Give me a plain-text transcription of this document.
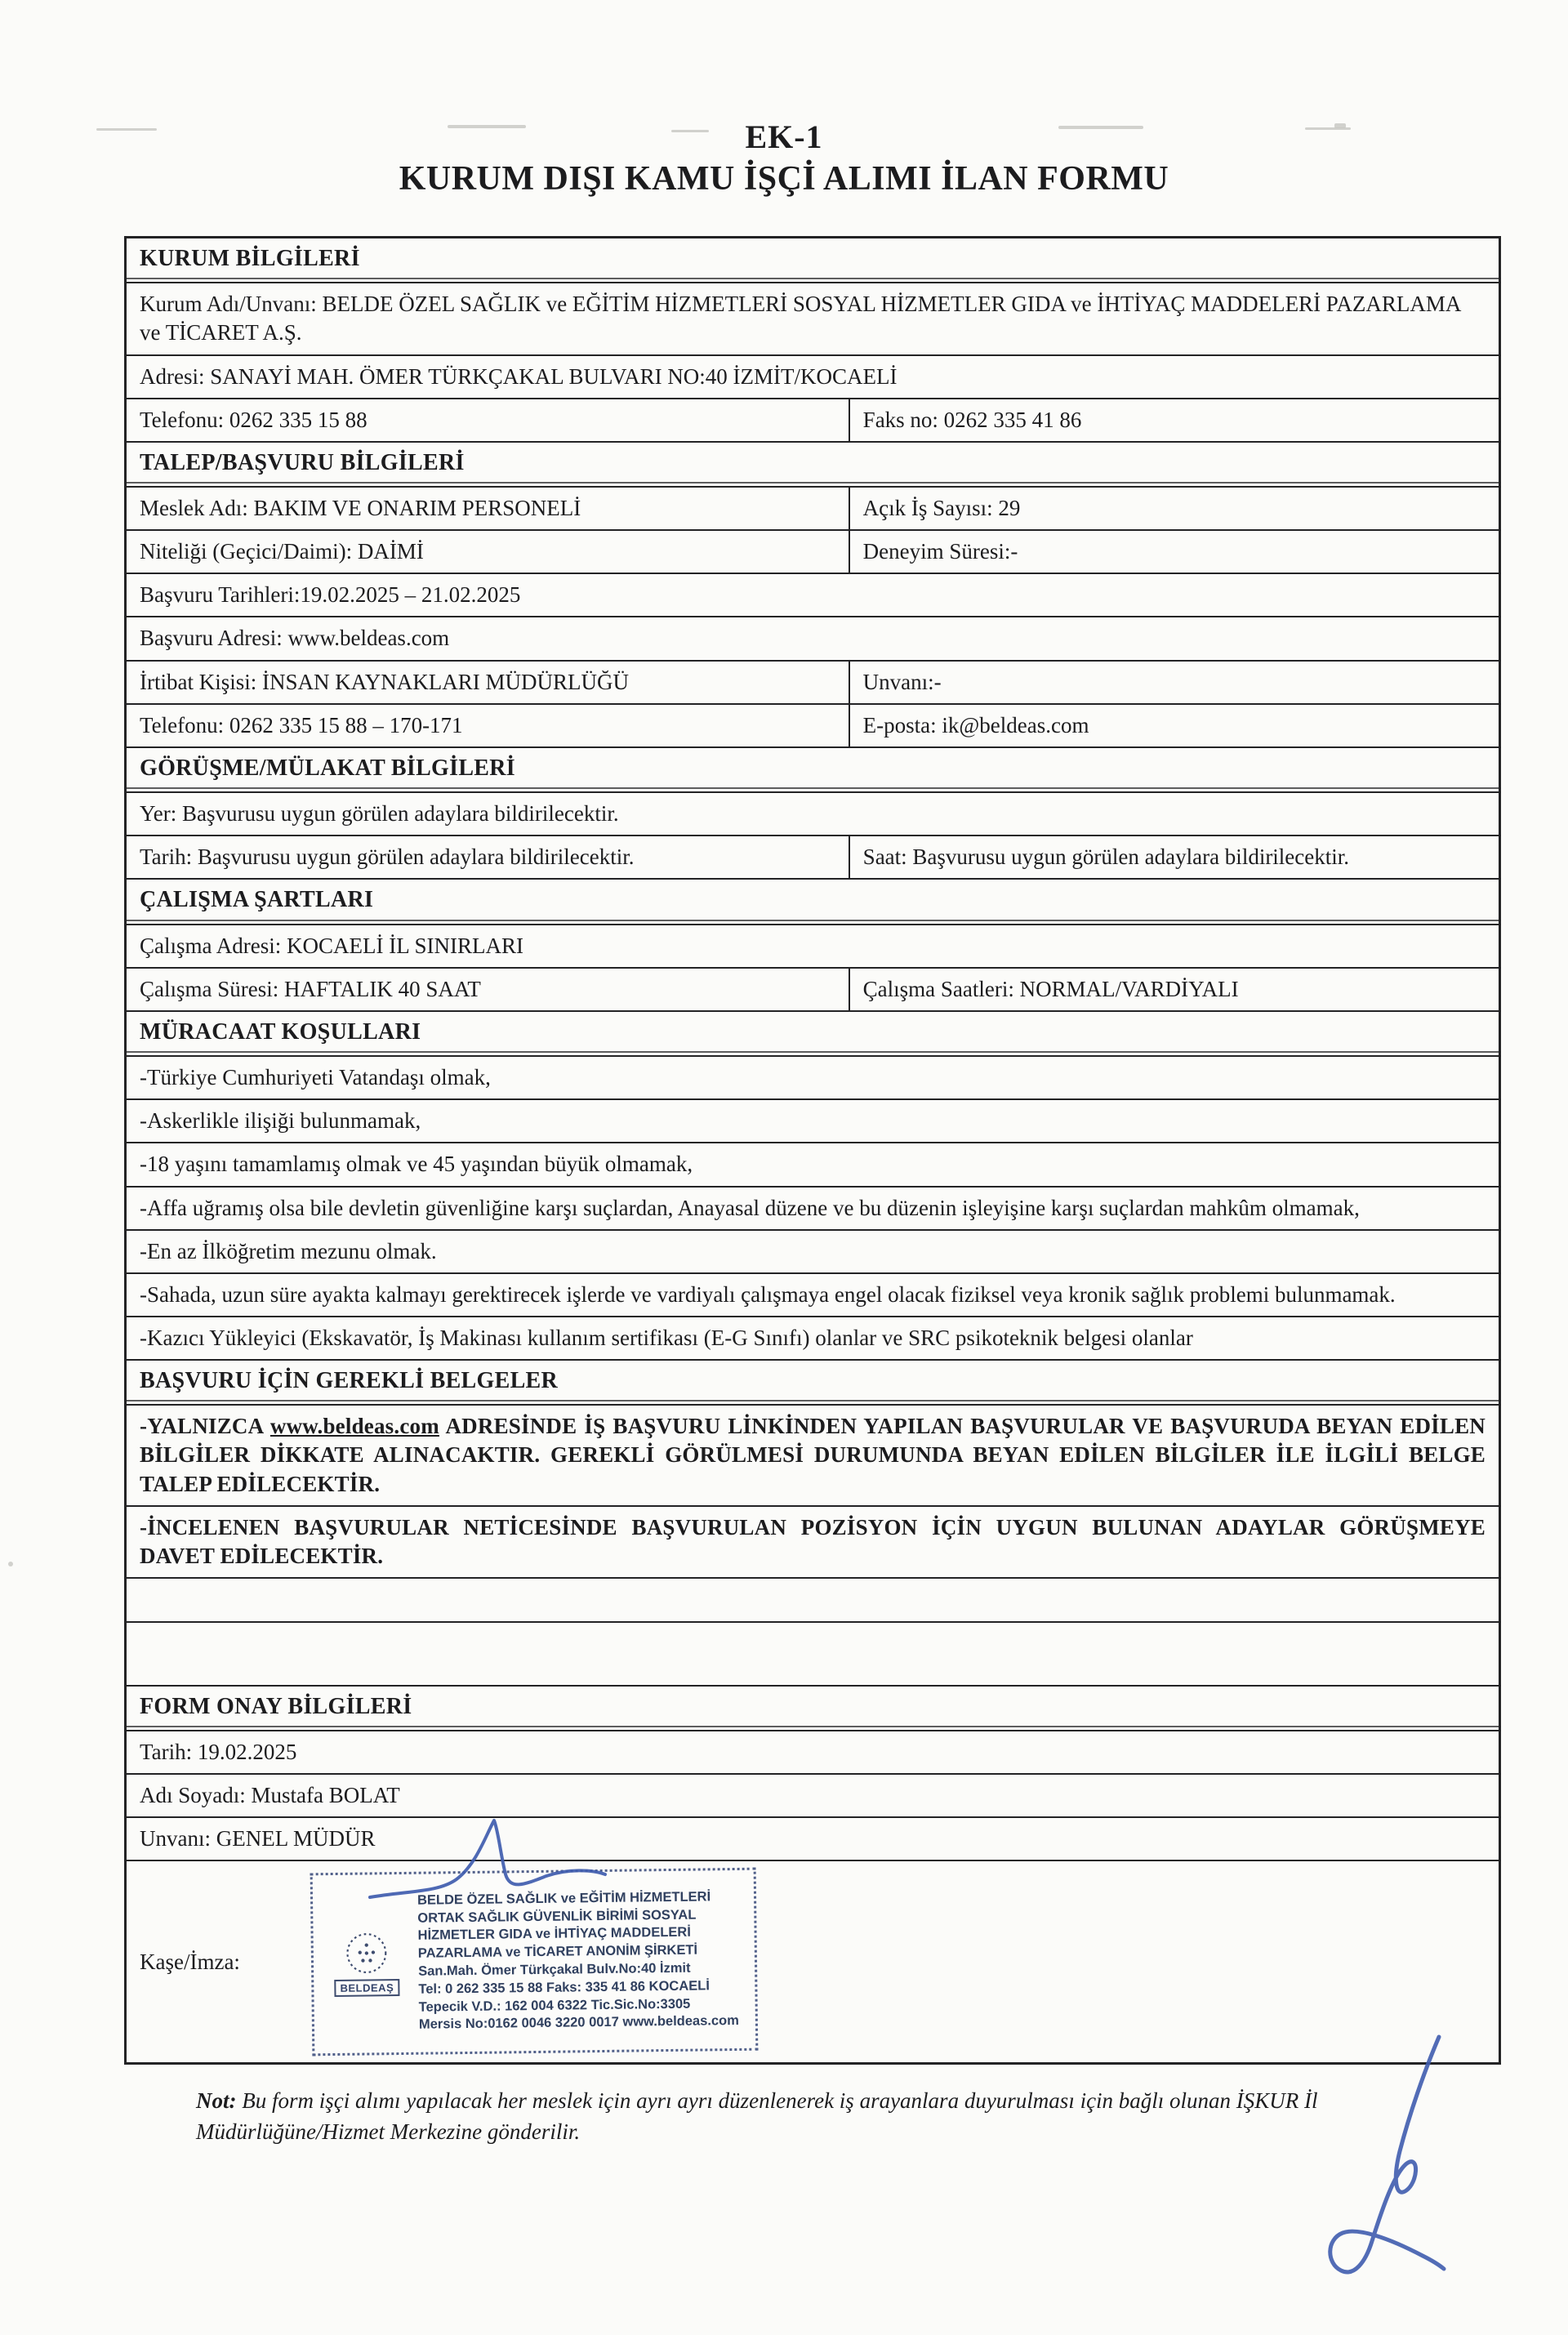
EK-1
KURUM DIŞI KAMU İŞÇİ ALIMI İLAN FORMU
KURUM BİLGİLERİ
Kurum Adı/Unvanı: BELDE ÖZEL SAĞLIK ve EĞİTİM HİZMETLERİ SOSYAL HİZMETLER GIDA ve İHTİYAÇ MADDELERİ PAZARLAMA ve TİCARET A.Ş.
Adresi: SANAYİ MAH. ÖMER TÜRKÇAKAL BULVARI NO:40 İZMİT/KOCAELİ
Telefonu: 0262 335 15 88	Faks no: 0262 335 41 86
TALEP/BAŞVURU BİLGİLERİ
Meslek Adı: BAKIM VE ONARIM PERSONELİ	Açık İş Sayısı: 29
Niteliği (Geçici/Daimi): DAİMİ	Deneyim Süresi:-
Başvuru Tarihleri:19.02.2025 – 21.02.2025
Başvuru Adresi: www.beldeas.com
İrtibat Kişisi: İNSAN KAYNAKLARI MÜDÜRLÜĞÜ	Unvanı:-
Telefonu: 0262 335 15 88 – 170-171	E-posta: ik@beldeas.com
GÖRÜŞME/MÜLAKAT BİLGİLERİ
Yer: Başvurusu uygun görülen adaylara bildirilecektir.
Tarih: Başvurusu uygun görülen adaylara bildirilecektir.	Saat: Başvurusu uygun görülen adaylara bildirilecektir.
ÇALIŞMA ŞARTLARI
Çalışma Adresi: KOCAELİ İL SINIRLARI
Çalışma Süresi: HAFTALIK 40 SAAT	Çalışma Saatleri: NORMAL/VARDİYALI
MÜRACAAT KOŞULLARI
-Türkiye Cumhuriyeti Vatandaşı olmak,
-Askerlikle ilişiği bulunmamak,
-18 yaşını tamamlamış olmak ve 45 yaşından büyük olmamak,
-Affa uğramış olsa bile devletin güvenliğine karşı suçlardan, Anayasal düzene ve bu düzenin işleyişine karşı suçlardan mahkûm olmamak,
-En az İlköğretim mezunu olmak.
-Sahada, uzun süre ayakta kalmayı gerektirecek işlerde ve vardiyalı çalışmaya engel olacak fiziksel veya kronik sağlık problemi bulunmamak.
-Kazıcı Yükleyici (Ekskavatör, İş Makinası kullanım sertifikası (E-G Sınıfı) olanlar ve SRC psikoteknik belgesi olanlar
BAŞVURU İÇİN GEREKLİ BELGELER
-YALNIZCA www.beldeas.com ADRESİNDE İŞ BAŞVURU LİNKİNDEN YAPILAN BAŞVURULAR VE BAŞVURUDA BEYAN EDİLEN BİLGİLER DİKKATE ALINACAKTIR. GEREKLİ GÖRÜLMESİ DURUMUNDA BEYAN EDİLEN BİLGİLER İLE İLGİLİ BELGE TALEP EDİLECEKTİR.
-İNCELENEN BAŞVURULAR NETİCESİNDE BAŞVURULAN POZİSYON İÇİN UYGUN BULUNAN ADAYLAR GÖRÜŞMEYE DAVET EDİLECEKTİR.
FORM ONAY BİLGİLERİ
Tarih: 19.02.2025
Adı Soyadı: Mustafa BOLAT
Unvanı: GENEL MÜDÜR
Kaşe/İmza:
BELDEAŞ
BELDE ÖZEL SAĞLIK ve EĞİTİM HİZMETLERİ
ORTAK SAĞLIK GÜVENLİK BİRİMİ SOSYAL
HİZMETLER GIDA ve İHTİYAÇ MADDELERİ
PAZARLAMA ve TİCARET ANONİM ŞİRKETİ
San.Mah. Ömer Türkçakal Bulv.No:40 İzmit
Tel: 0 262 335 15 88 Faks: 335 41 86 KOCAELİ
Tepecik V.D.: 162 004 6322 Tic.Sic.No:3305
Mersis No:0162 0046 3220 0017 www.beldeas.com
Not: Bu form işçi alımı yapılacak her meslek için ayrı ayrı düzenlenerek iş arayanlara duyurulması için bağlı olunan İŞKUR İl Müdürlüğüne/Hizmet Merkezine gönderilir.
